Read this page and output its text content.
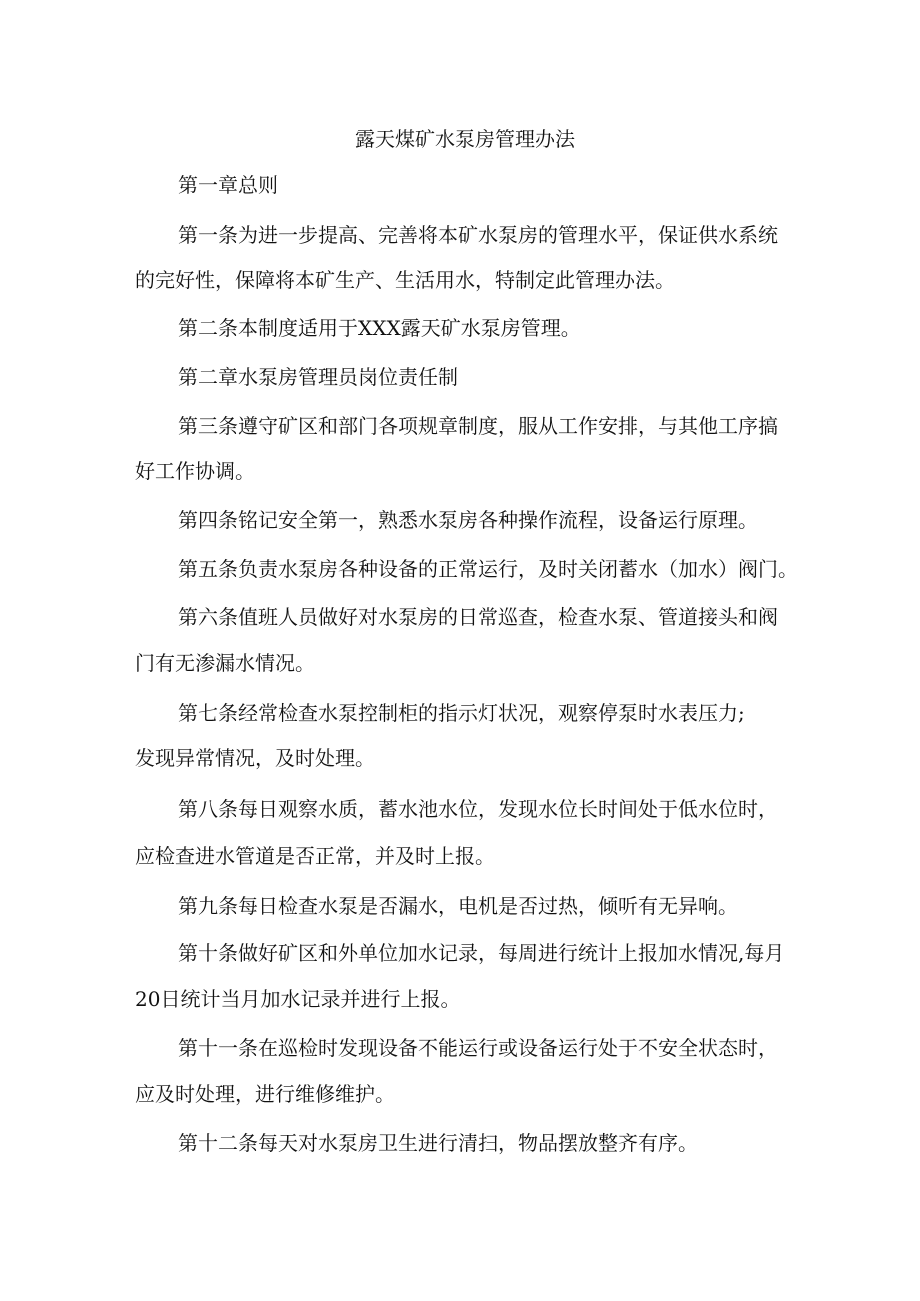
露天煤矿水泵房管理办法
第一章总则
第一条为进一步提高、完善将本矿水泵房的管理水平，保证供水系统
的完好性，保障将本矿生产、生活用水，特制定此管理办法。
第二条本制度适用于XXX露天矿水泵房管理。
第二章水泵房管理员岗位责任制
第三条遵守矿区和部门各项规章制度，服从工作安排，与其他工序搞
好工作协调。
第四条铭记安全第一，熟悉水泵房各种操作流程，设备运行原理。
第五条负责水泵房各种设备的正常运行，及时关闭蓄水（加水）阀门。
第六条值班人员做好对水泵房的日常巡查，检查水泵、管道接头和阀
门有无渗漏水情况。
第七条经常检查水泵控制柜的指示灯状况，观察停泵时水表压力;
发现异常情况，及时处理。
第八条每日观察水质，蓄水池水位，发现水位长时间处于低水位时，
应检查进水管道是否正常，并及时上报。
第九条每日检查水泵是否漏水，电机是否过热，倾听有无异响。
第十条做好矿区和外单位加水记录，每周进行统计上报加水情况,每月
20日统计当月加水记录并进行上报。
第十一条在巡检时发现设备不能运行或设备运行处于不安全状态时，
应及时处理，进行维修维护。
第十二条每天对水泵房卫生进行清扫，物品摆放整齐有序。
